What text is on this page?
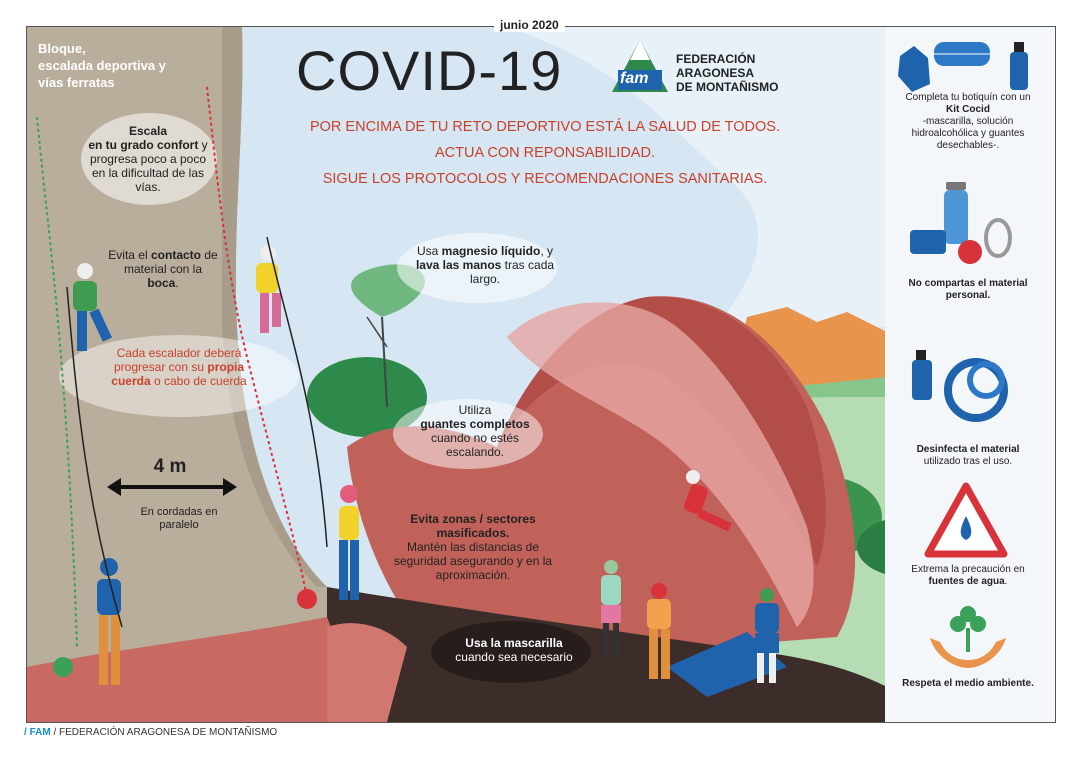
junio 2020
COVID-19	fam
FEDERACIÓN
ARAGONESA
DE MONTAÑISMO
Bloque,
escalada deportiva y
vías ferratas
POR ENCIMA DE TU RETO DEPORTIVO ESTÁ LA SALUD DE TODOS.
ACTUA CON REPONSABILIDAD.
SIGUE LOS PROTOCOLOS Y RECOMENDACIONES SANITARIAS.
Escala
en tu grado confort y progresa poco a poco en la dificultad de las vías.
Evita el contacto de material con la boca.
Cada escalador deberá progresar con su propia cuerda o cabo de cuerda
4 m
En cordadas en paralelo
Usa magnesio líquido, y lava las manos tras cada largo.
Utiliza
guantes completos
cuando no estés escalando.
Evita zonas / sectores masificados.
Mantén las distancias de seguridad asegurando y en la aproximación.
Usa la mascarilla
cuando sea necesario
Completa tu botiquín con un Kit Cocid
-mascarilla, solución hidroalcohólica y guantes desechables-.
No compartas el material personal.
Desinfecta el material
utilizado tras el uso.
Extrema la precaución en fuentes de agua.
Respeta el medio ambiente.
/ FAM / FEDERACIÓN ARAGONESA DE MONTAÑISMO
